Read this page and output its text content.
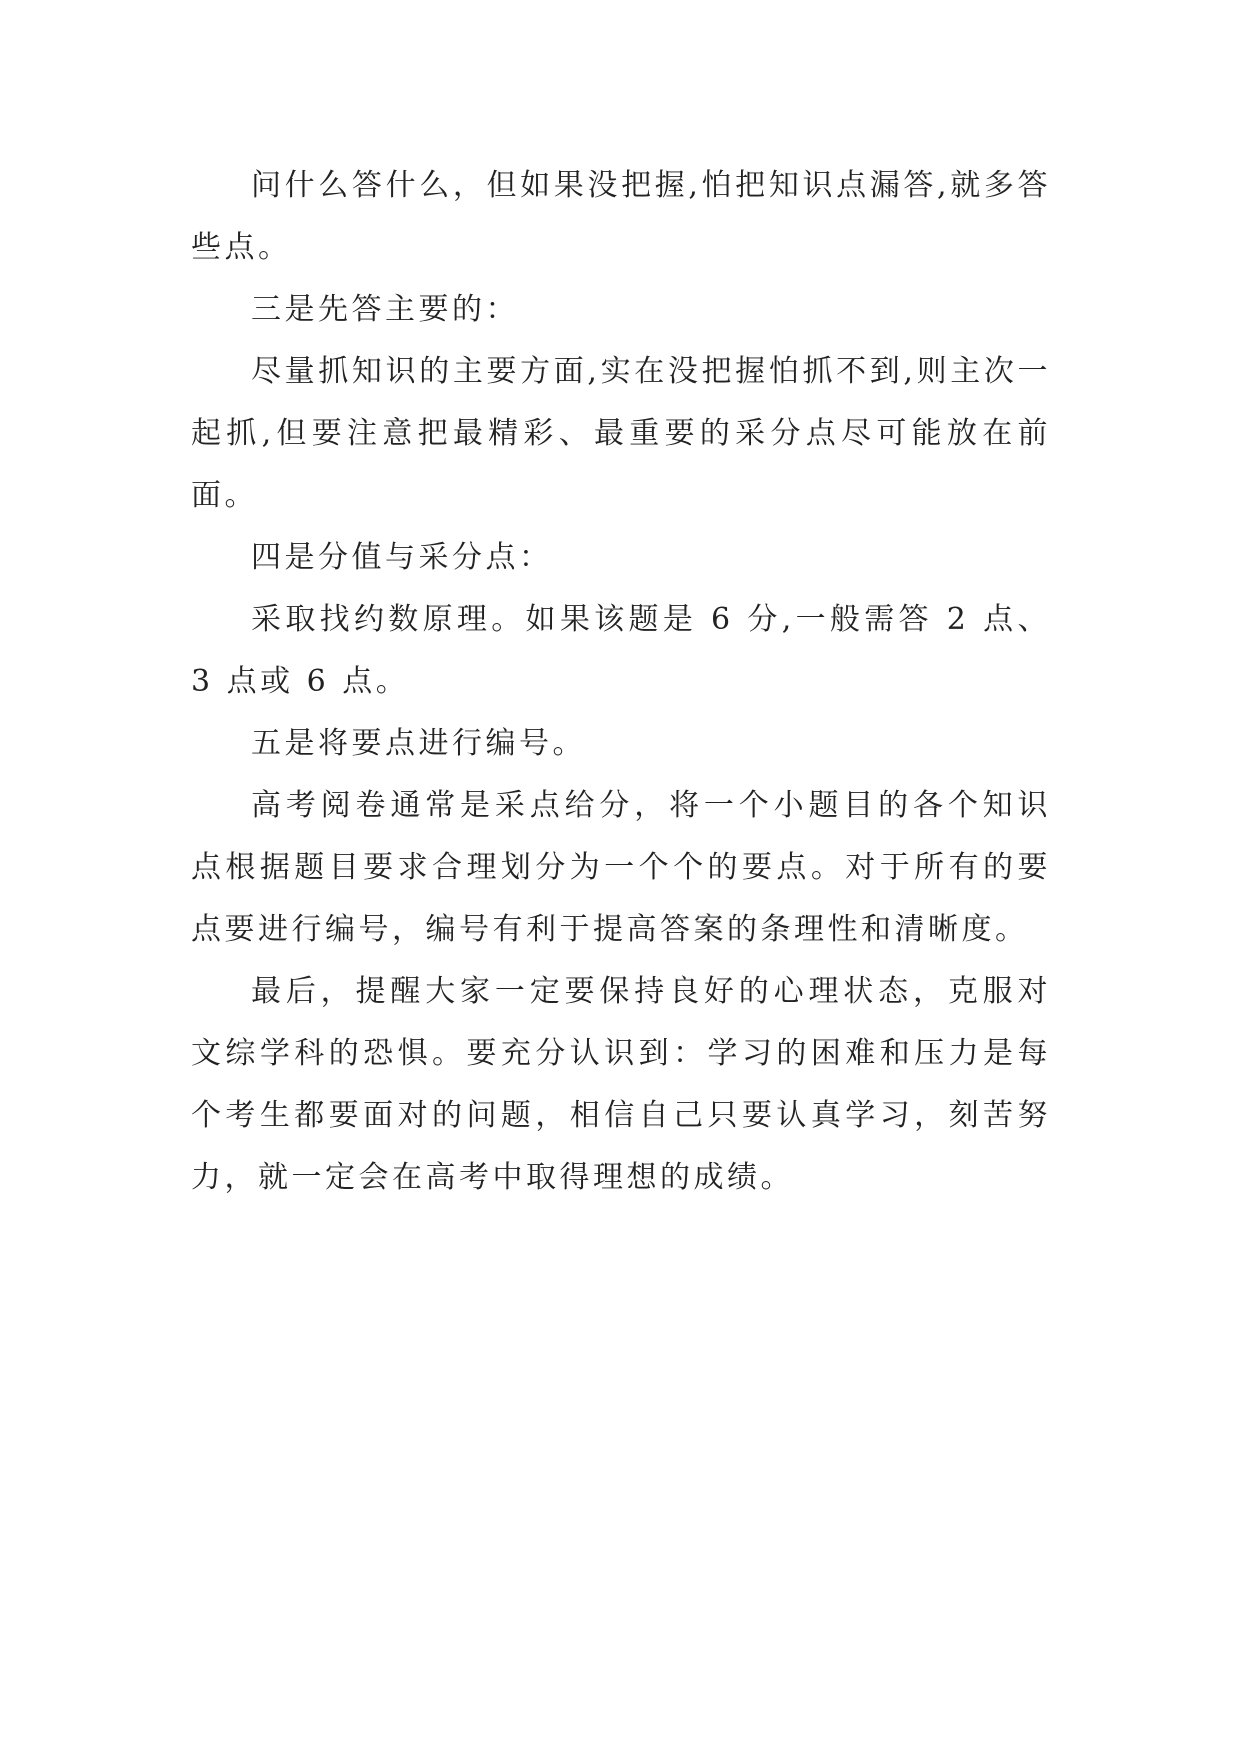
问什么答什么，但如果没把握,怕把知识点漏答,就多答些点。

三是先答主要的：

尽量抓知识的主要方面,实在没把握怕抓不到,则主次一起抓,但要注意把最精彩、最重要的采分点尽可能放在前面。

四是分值与采分点：

采取找约数原理。如果该题是 6 分,一般需答 2 点、3 点或 6 点。

五是将要点进行编号。

高考阅卷通常是采点给分，将一个小题目的各个知识点根据题目要求合理划分为一个个的要点。对于所有的要点要进行编号，编号有利于提高答案的条理性和清晰度。

最后，提醒大家一定要保持良好的心理状态，克服对文综学科的恐惧。要充分认识到：学习的困难和压力是每个考生都要面对的问题，相信自己只要认真学习，刻苦努力，就一定会在高考中取得理想的成绩。
